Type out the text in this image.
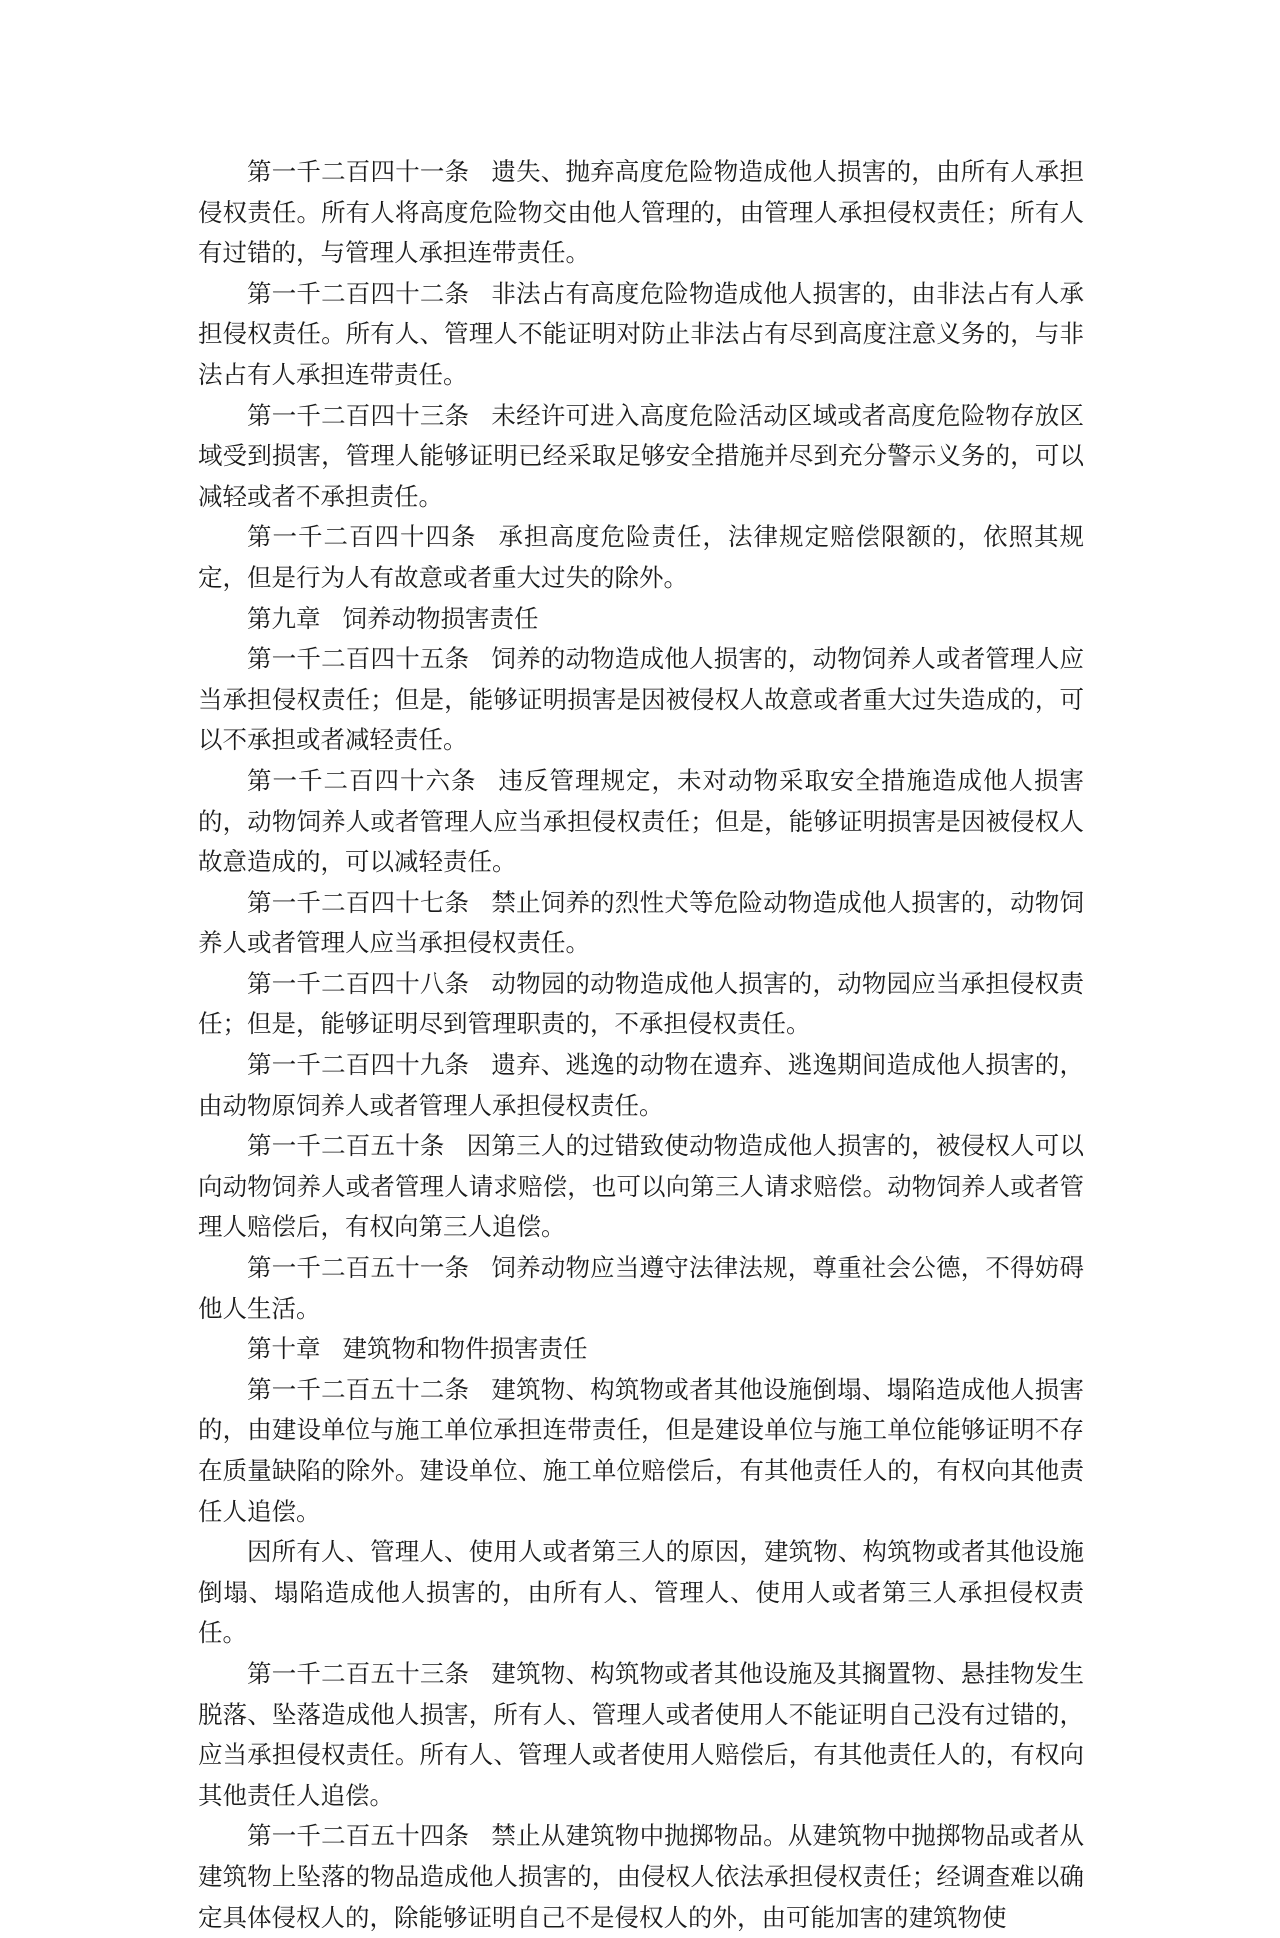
第一千二百四十一条 遗失、抛弃高度危险物造成他人损害的，由所有人承担侵权责任。所有人将高度危险物交由他人管理的，由管理人承担侵权责任；所有人有过错的，与管理人承担连带责任。

第一千二百四十二条 非法占有高度危险物造成他人损害的，由非法占有人承担侵权责任。所有人、管理人不能证明对防止非法占有尽到高度注意义务的，与非法占有人承担连带责任。

第一千二百四十三条 未经许可进入高度危险活动区域或者高度危险物存放区域受到损害，管理人能够证明已经采取足够安全措施并尽到充分警示义务的，可以减轻或者不承担责任。

第一千二百四十四条 承担高度危险责任，法律规定赔偿限额的，依照其规定，但是行为人有故意或者重大过失的除外。

第九章 饲养动物损害责任

第一千二百四十五条 饲养的动物造成他人损害的，动物饲养人或者管理人应当承担侵权责任；但是，能够证明损害是因被侵权人故意或者重大过失造成的，可以不承担或者减轻责任。

第一千二百四十六条 违反管理规定，未对动物采取安全措施造成他人损害的，动物饲养人或者管理人应当承担侵权责任；但是，能够证明损害是因被侵权人故意造成的，可以减轻责任。

第一千二百四十七条 禁止饲养的烈性犬等危险动物造成他人损害的，动物饲养人或者管理人应当承担侵权责任。

第一千二百四十八条 动物园的动物造成他人损害的，动物园应当承担侵权责任；但是，能够证明尽到管理职责的，不承担侵权责任。

第一千二百四十九条 遗弃、逃逸的动物在遗弃、逃逸期间造成他人损害的，由动物原饲养人或者管理人承担侵权责任。

第一千二百五十条 因第三人的过错致使动物造成他人损害的，被侵权人可以向动物饲养人或者管理人请求赔偿，也可以向第三人请求赔偿。动物饲养人或者管理人赔偿后，有权向第三人追偿。

第一千二百五十一条 饲养动物应当遵守法律法规，尊重社会公德，不得妨碍他人生活。

第十章 建筑物和物件损害责任

第一千二百五十二条 建筑物、构筑物或者其他设施倒塌、塌陷造成他人损害的，由建设单位与施工单位承担连带责任，但是建设单位与施工单位能够证明不存在质量缺陷的除外。建设单位、施工单位赔偿后，有其他责任人的，有权向其他责任人追偿。

因所有人、管理人、使用人或者第三人的原因，建筑物、构筑物或者其他设施倒塌、塌陷造成他人损害的，由所有人、管理人、使用人或者第三人承担侵权责任。

第一千二百五十三条 建筑物、构筑物或者其他设施及其搁置物、悬挂物发生脱落、坠落造成他人损害，所有人、管理人或者使用人不能证明自己没有过错的，应当承担侵权责任。所有人、管理人或者使用人赔偿后，有其他责任人的，有权向其他责任人追偿。

第一千二百五十四条 禁止从建筑物中抛掷物品。从建筑物中抛掷物品或者从建筑物上坠落的物品造成他人损害的，由侵权人依法承担侵权责任；经调查难以确定具体侵权人的，除能够证明自己不是侵权人的外，由可能加害的建筑物使
